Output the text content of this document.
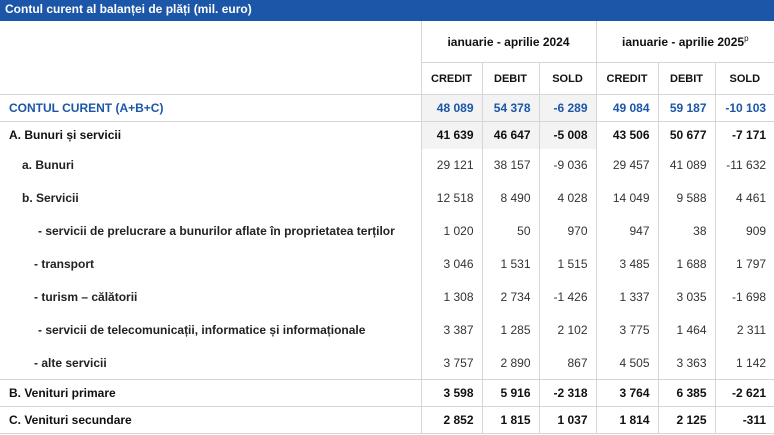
Contul curent al balanței de plăți (mil. euro)
	ianuarie - aprilie 2024			ianuarie - aprilie 2025$^p$
	CREDIT	DEBIT	SOLD	CREDIT	DEBIT	SOLD
CONTUL CURENT (A+B+C)	48 089	54 378	-6 289	49 084	59 187	-10 103
A. Bunuri și servicii	41 639	46 647	-5 008	43 506	50 677	-7 171
a. Bunuri	29 121	38 157	-9 036	29 457	41 089	-11 632
b. Servicii	12 518	8 490	4 028	14 049	9 588	4 461
- servicii de prelucrare a bunurilor aflate în proprietatea terților	1 020	50	970	947	38	909
- transport	3 046	1 531	1 515	3 485	1 688	1 797
- turism – călătorii	1 308	2 734	-1 426	1 337	3 035	-1 698
- servicii de telecomunicații, informatice și informaționale	3 387	1 285	2 102	3 775	1 464	2 311
- alte servicii	3 757	2 890	867	4 505	3 363	1 142
B. Venituri primare	3 598	5 916	-2 318	3 764	6 385	-2 621
C. Venituri secundare	2 852	1 815	1 037	1 814	2 125	-311
